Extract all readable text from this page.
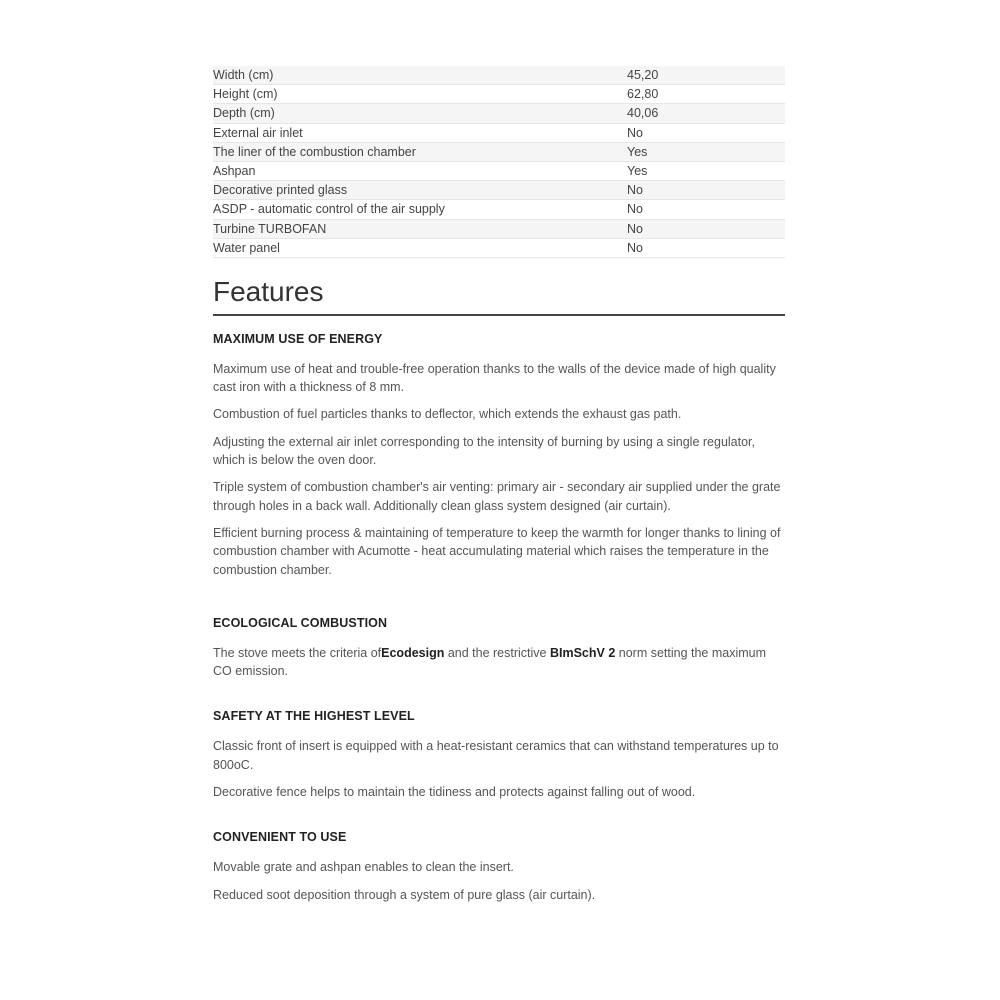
Width (cm)	45,20
Height (cm)	62,80
Depth (cm)	40,06
External air inlet	No
The liner of the combustion chamber	Yes
Ashpan	Yes
Decorative printed glass	No
ASDP - automatic control of the air supply	No
Turbine TURBOFAN	No
Water panel	No
Features
MAXIMUM USE OF ENERGY

Maximum use of heat and trouble-free operation thanks to the walls of the device made of high quality cast iron with a thickness of 8 mm.

Combustion of fuel particles thanks to deflector, which extends the exhaust gas path.

Adjusting the external air inlet corresponding to the intensity of burning by using a single regulator, which is below the oven door.

Triple system of combustion chamber's air venting: primary air - secondary air supplied under the grate through holes in a back wall. Additionally clean glass system designed (air curtain).

Efficient burning process & maintaining of temperature to keep the warmth for longer thanks to lining of combustion chamber with Acumotte - heat accumulating material which raises the temperature in the combustion chamber.

ECOLOGICAL COMBUSTION

The stove meets the criteria ofEcodesign and the restrictive BImSchV 2 norm setting the maximum CO emission.

SAFETY AT THE HIGHEST LEVEL

Classic front of insert is equipped with a heat-resistant ceramics that can withstand temperatures up to 800oC.

Decorative fence helps to maintain the tidiness and protects against falling out of wood.

CONVENIENT TO USE

Movable grate and ashpan enables to clean the insert.

Reduced soot deposition through a system of pure glass (air curtain).
